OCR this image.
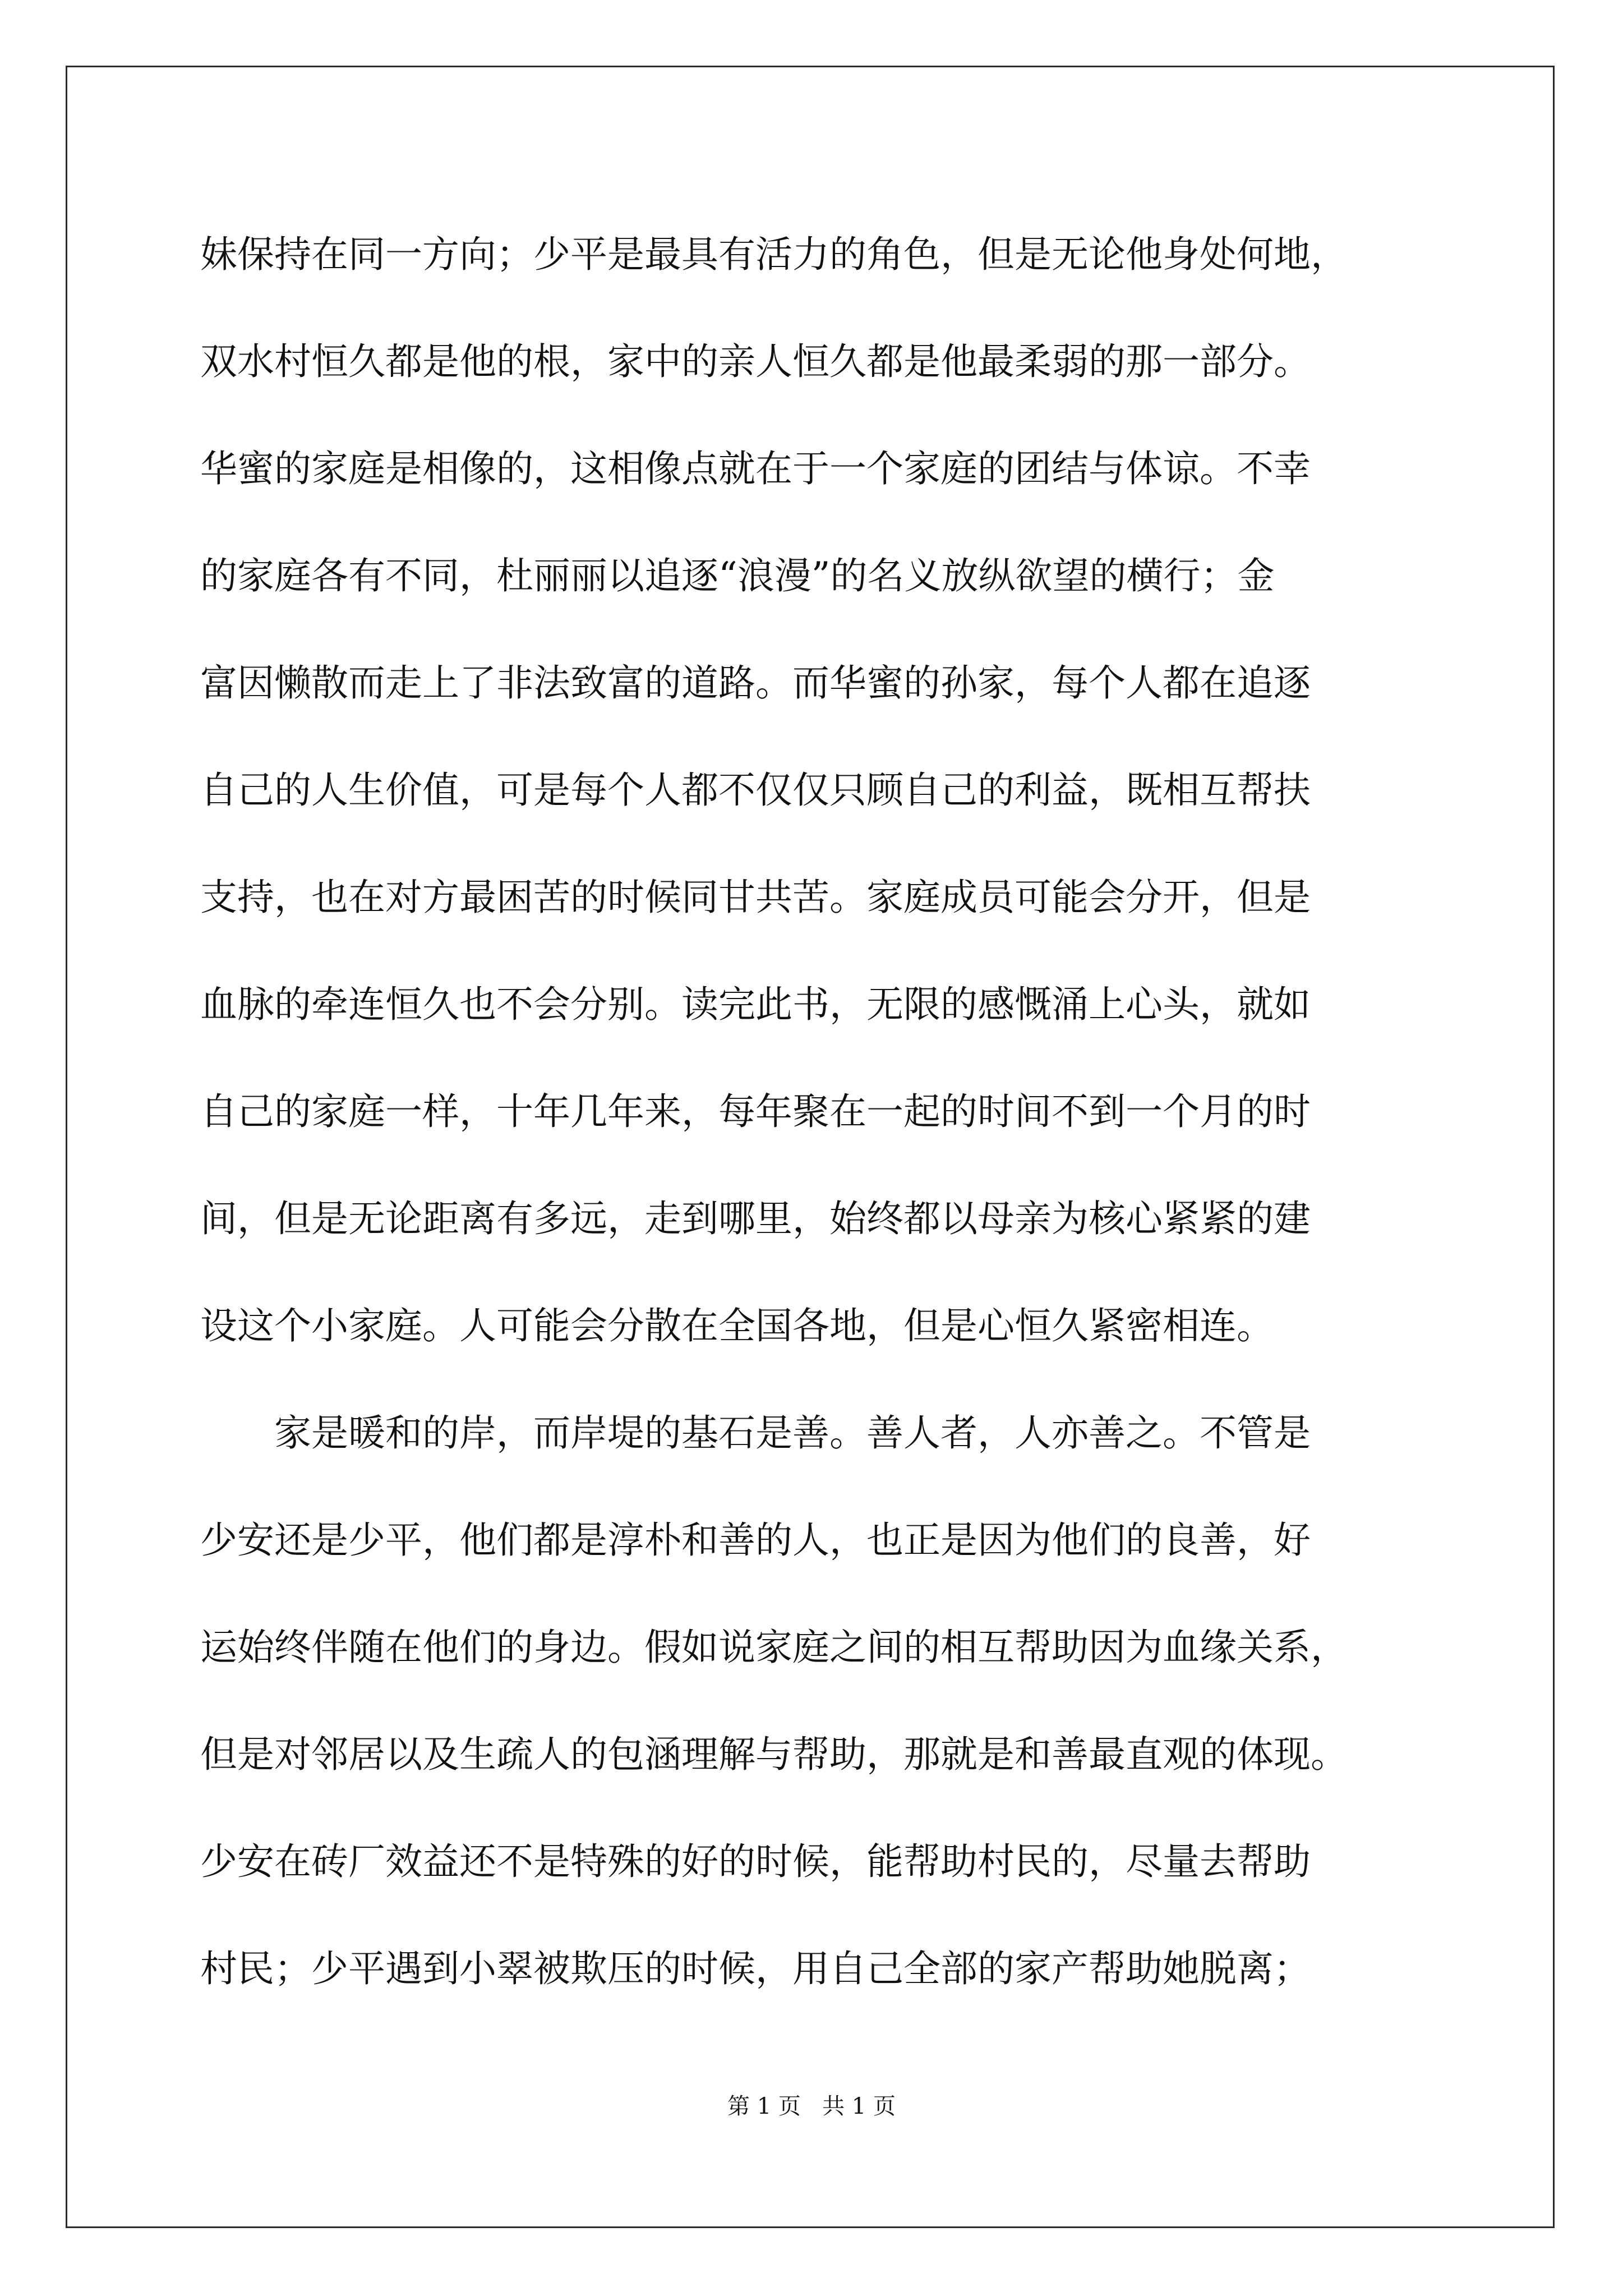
妹保持在同一方向；少平是最具有活力的角色，但是无论他身处何地，
双水村恒久都是他的根，家中的亲人恒久都是他最柔弱的那一部分。
华蜜的家庭是相像的，这相像点就在于一个家庭的团结与体谅。不幸
的家庭各有不同，杜丽丽以追逐“浪漫”的名义放纵欲望的横行；金
富因懒散而走上了非法致富的道路。而华蜜的孙家，每个人都在追逐
自己的人生价值，可是每个人都不仅仅只顾自己的利益，既相互帮扶
支持，也在对方最困苦的时候同甘共苦。家庭成员可能会分开，但是
血脉的牵连恒久也不会分别。读完此书，无限的感慨涌上心头，就如
自己的家庭一样，十年几年来，每年聚在一起的时间不到一个月的时
间，但是无论距离有多远，走到哪里，始终都以母亲为核心紧紧的建
设这个小家庭。人可能会分散在全国各地，但是心恒久紧密相连。
家是暖和的岸，而岸堤的基石是善。善人者，人亦善之。不管是
少安还是少平，他们都是淳朴和善的人，也正是因为他们的良善，好
运始终伴随在他们的身边。假如说家庭之间的相互帮助因为血缘关系，
但是对邻居以及生疏人的包涵理解与帮助，那就是和善最直观的体现。
少安在砖厂效益还不是特殊的好的时候，能帮助村民的，尽量去帮助
村民；少平遇到小翠被欺压的时候，用自己全部的家产帮助她脱离；
第 1 页   共 1 页
